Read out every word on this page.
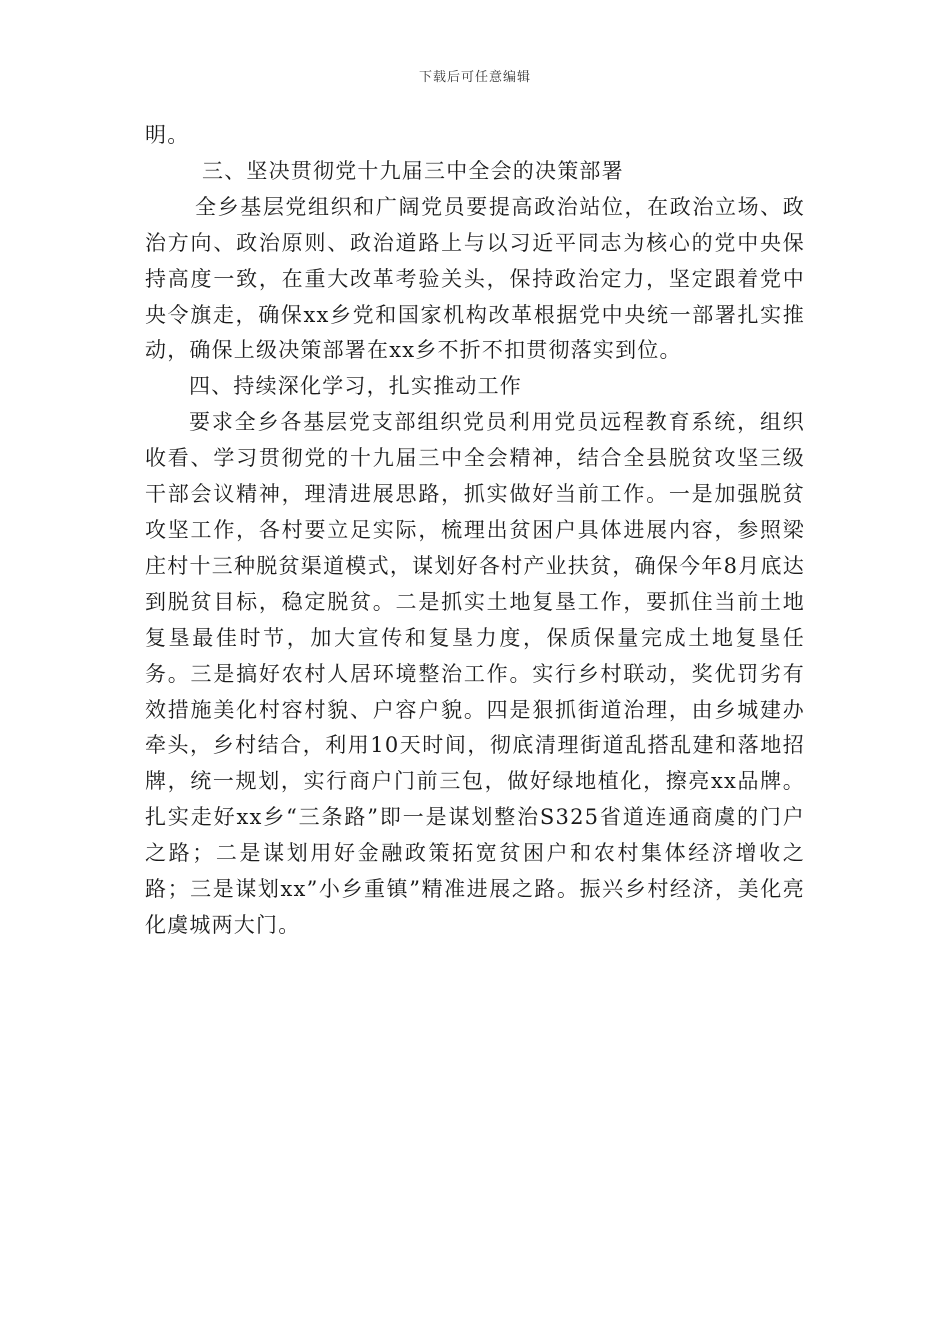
下载后可任意编辑

明。

三、坚决贯彻党十九届三中全会的决策部署

全乡基层党组织和广阔党员要提高政治站位，在政治立场、政治方向、政治原则、政治道路上与以习近平同志为核心的党中央保持高度一致，在重大改革考验关头，保持政治定力，坚定跟着党中央令旗走，确保xx乡党和国家机构改革根据党中央统一部署扎实推动，确保上级决策部署在xx乡不折不扣贯彻落实到位。

四、持续深化学习，扎实推动工作

要求全乡各基层党支部组织党员利用党员远程教育系统，组织收看、学习贯彻党的十九届三中全会精神，结合全县脱贫攻坚三级干部会议精神，理清进展思路，抓实做好当前工作。一是加强脱贫攻坚工作，各村要立足实际，梳理出贫困户具体进展内容，参照梁庄村十三种脱贫渠道模式，谋划好各村产业扶贫，确保今年8月底达到脱贫目标，稳定脱贫。二是抓实土地复垦工作，要抓住当前土地复垦最佳时节，加大宣传和复垦力度，保质保量完成土地复垦任务。三是搞好农村人居环境整治工作。实行乡村联动，奖优罚劣有效措施美化村容村貌、户容户貌。四是狠抓街道治理，由乡城建办牵头，乡村结合，利用10天时间，彻底清理街道乱搭乱建和落地招牌，统一规划，实行商户门前三包，做好绿地植化，擦亮xx品牌。扎实走好xx乡“三条路”即一是谋划整治S325省道连通商虞的门户之路；二是谋划用好金融政策拓宽贫困户和农村集体经济增收之路；三是谋划xx”小乡重镇”精准进展之路。振兴乡村经济，美化亮化虞城两大门。
